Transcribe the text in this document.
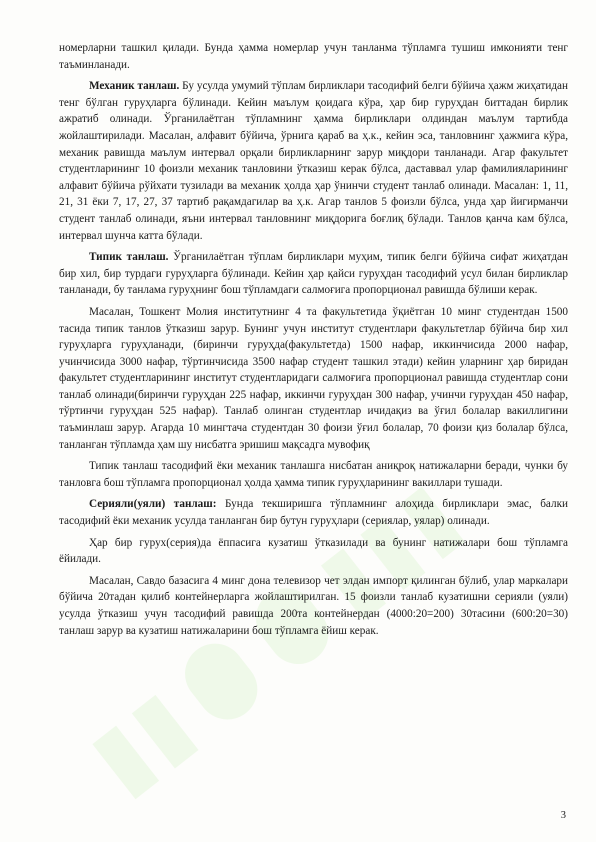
номерларни ташкил қилади. Бунда ҳамма номерлар учун танланма тўпламга тушиш имконияти тенг таъминланади.

Механик танлаш. Бу усулда умумий тўплам бирликлари тасодифий белги бўйича ҳажм жиҳатидан тенг бўлган гуруҳларга бўлинади. Кейин маълум қоидага кўра, ҳар бир гуруҳдан биттадан бирлик ажратиб олинади. Ўрганилаётган тўпламнинг ҳамма бирликлари олдиндан маълум тартибда жойлаштирилади. Масалан, алфавит бўйича, ўрнига қараб ва ҳ.к., кейин эса, танловнинг ҳажмига кўра, механик равишда маълум интервал орқали бирликларнинг зарур миқдори танланади. Агар факультет студентларининг 10 фоизли механик танловини ўтказиш керак бўлса, даставвал улар фамилияларининг алфавит бўйича рўйхати тузилади ва механик ҳолда ҳар ўнинчи студент танлаб олинади. Масалан: 1, 11, 21, 31 ёки 7, 17, 27, 37 тартиб рақамдагилар ва ҳ.к. Агар танлов 5 фоизли бўлса, унда ҳар йигирманчи студент танлаб олинади, яъни интервал танловнинг миқдорига боғлиқ бўлади. Танлов қанча кам бўлса, интервал шунча катта бўлади.

Типик танлаш. Ўрганилаётган тўплам бирликлари муҳим, типик белги бўйича сифат жиҳатдан бир хил, бир турдаги гуруҳларга бўлинади. Кейин ҳар қайси гуруҳдан тасодифий усул билан бирликлар танланади, бу танлама гуруҳнинг бош тўпламдаги салмоғига пропорционал равишда бўлиши керак.

Масалан, Тошкент Молия институтнинг 4 та факультетида ўқиётган 10 минг студентдан 1500 тасида типик танлов ўтказиш зарур. Бунинг учун институт студентлари факультетлар бўйича бир хил гуруҳларга гуруҳланади, (биринчи гуруҳда(факультетда) 1500 нафар, иккинчисида 2000 нафар, учинчисида 3000 нафар, тўртинчисида 3500 нафар студент ташкил этади) кейин уларнинг ҳар биридан факультет студентларининг институт студентларидаги салмоғига пропорционал равишда студентлар сони танлаб олинади(биринчи гуруҳдан 225 нафар, иккинчи гуруҳдан 300 нафар, учинчи гуруҳдан 450 нафар, тўртинчи гуруҳдан 525 нафар). Танлаб олинган студентлар ичидақиз ва ўғил болалар вакиллигини таъминлаш зарур. Агарда 10 мингтача студентдан 30 фоизи ўғил болалар, 70 фоизи қиз болалар бўлса, танланган тўпламда ҳам шу нисбатга эришиш мақсадга мувофиқ

Типик танлаш тасодифий ёки механик танлашга нисбатан аниқроқ натижаларни беради, чунки бу танловга бош тўпламга пропорционал ҳолда ҳамма типик гуруҳларининг вакиллари тушади.

Серияли(уяли) танлаш: Бунда текширишга тўпламнинг алоҳида бирликлари эмас, балки тасодифий ёки механик усулда танланган бир бутун гуруҳлари (сериялар, уялар) олинади.

Ҳар бир гурух(серия)да ёппасига кузатиш ўтказилади ва бунинг натижалари бош тўпламга ёйилади.

Масалан, Савдо базасига 4 минг дона телевизор чет элдан импорт қилинган бўлиб, улар маркалари бўйича 20тадан қилиб контейнерларга жойлаштирилган. 15 фоизли танлаб кузатишни серияли (уяли) усулда ўтказиш учун тасодифий равишда 200та контейнердан (4000:20=200) 30тасини (600:20=30) танлаш зарур ва кузатиш натижаларини бош тўпламга ёйиш керак.

3
